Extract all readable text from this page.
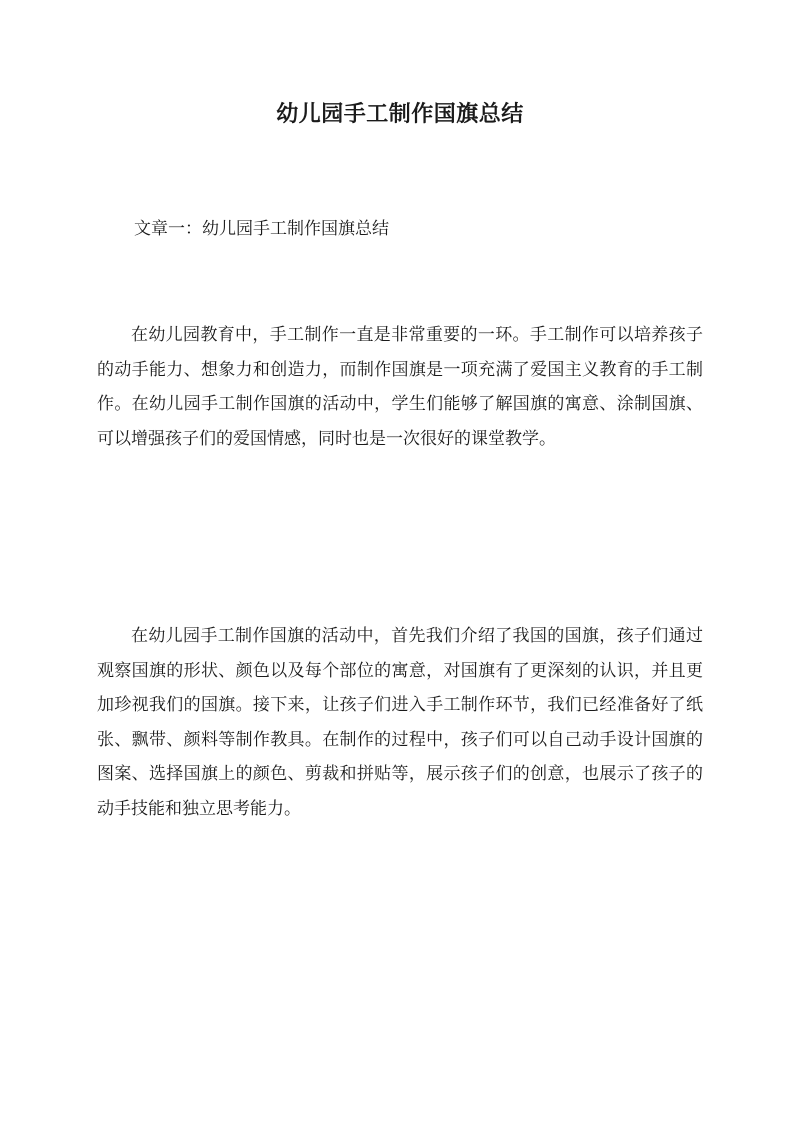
幼儿园手工制作国旗总结
文章一：幼儿园手工制作国旗总结

在幼儿园教育中，手工制作一直是非常重要的一环。手工制作可以培养孩子的动手能力、想象力和创造力，而制作国旗是一项充满了爱国主义教育的手工制作。在幼儿园手工制作国旗的活动中，学生们能够了解国旗的寓意、涂制国旗、可以增强孩子们的爱国情感，同时也是一次很好的课堂教学。

在幼儿园手工制作国旗的活动中，首先我们介绍了我国的国旗，孩子们通过观察国旗的形状、颜色以及每个部位的寓意，对国旗有了更深刻的认识，并且更加珍视我们的国旗。接下来，让孩子们进入手工制作环节，我们已经准备好了纸张、飘带、颜料等制作教具。在制作的过程中，孩子们可以自己动手设计国旗的图案、选择国旗上的颜色、剪裁和拼贴等，展示孩子们的创意，也展示了孩子的动手技能和独立思考能力。
